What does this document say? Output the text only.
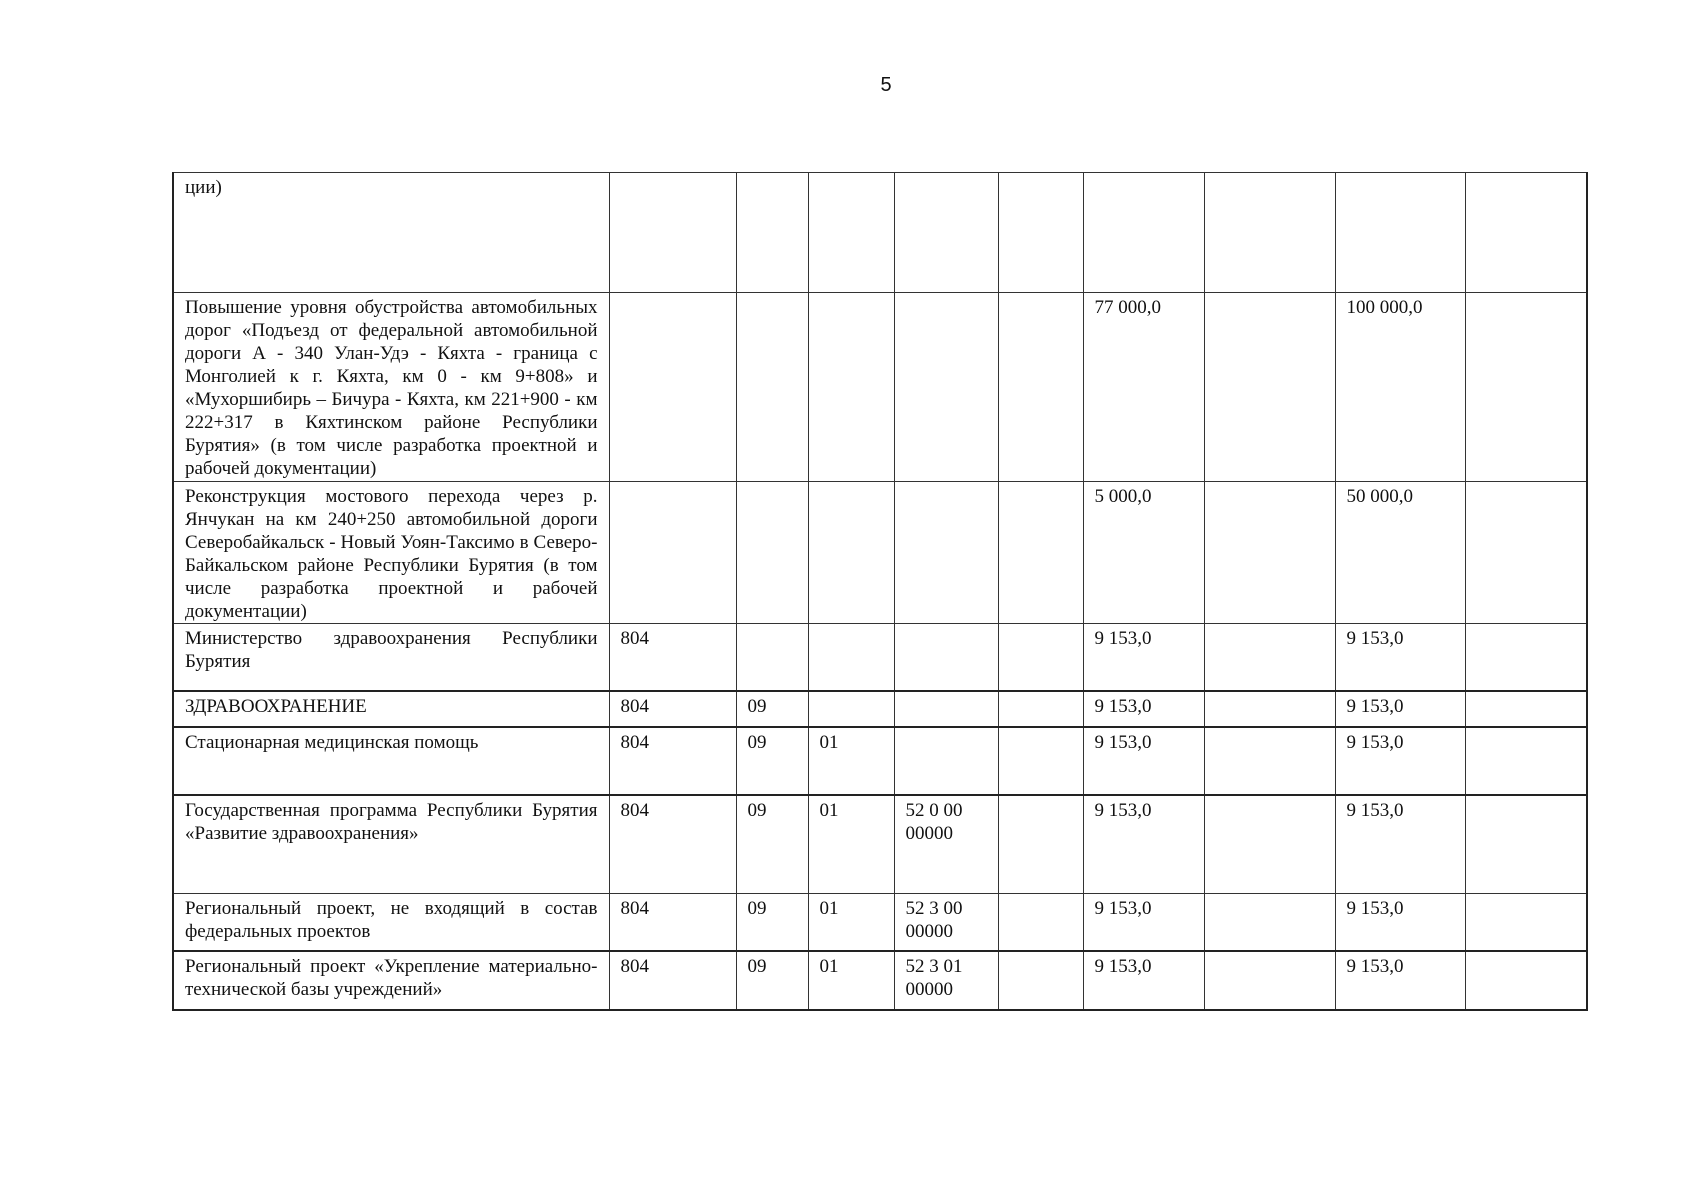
5
ции)									
Повышение уровня обустройства автомобильных дорог «Подъезд от федеральной автомобильной дороги А - 340 Улан-Удэ - Кяхта - граница с Монголией к г. Кяхта, км 0 - км 9+808» и «Мухоршибирь – Бичура - Кяхта, км 221+900 - км 222+317 в Кяхтинском районе Республики Бурятия» (в том числе разработка проектной и рабочей документации)						77 000,0		100 000,0	
Реконструкция мостового перехода через р. Янчукан на км 240+250 автомобильной дороги Северобайкальск - Новый Уоян-Таксимо в Северо-Байкальском районе Республики Бурятия (в том числе разработка проектной и рабочей документации)						5 000,0		50 000,0	
Министерство здравоохранения Республики Бурятия	804					9 153,0		9 153,0	
ЗДРАВООХРАНЕНИЕ	804	09				9 153,0		9 153,0	
Стационарная медицинская помощь	804	09	01			9 153,0		9 153,0	
Государственная программа Республики Бурятия «Развитие здравоохранения»	804	09	01	52 0 00 00000		9 153,0		9 153,0	
Региональный проект, не входящий в состав федеральных проектов	804	09	01	52 3 00 00000		9 153,0		9 153,0	
Региональный проект «Укрепление материально-технической базы учреждений»	804	09	01	52 3 01 00000		9 153,0		9 153,0	
